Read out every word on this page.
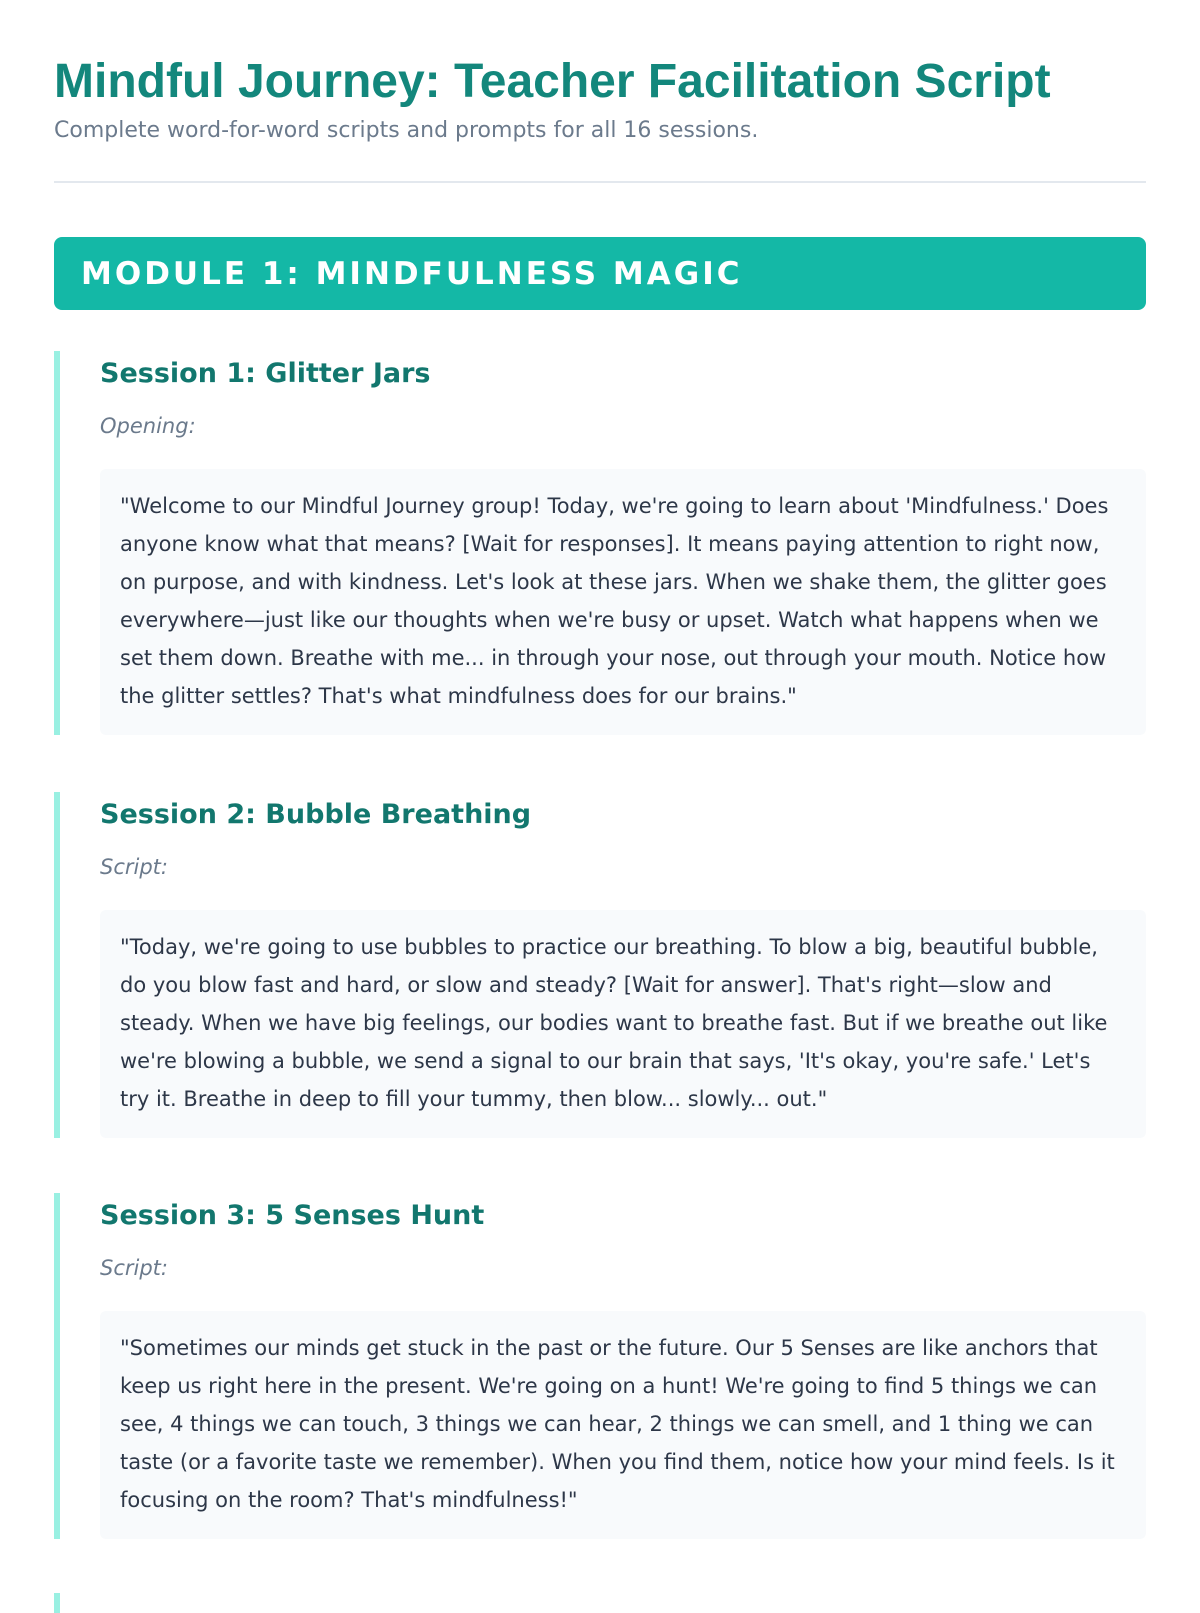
Mindful Journey: Teacher Facilitation Script
Complete word-for-word scripts and prompts for all 16 sessions.
MODULE 1: MINDFULNESS MAGIC
Session 1: Glitter Jars
Opening:
"Welcome to our Mindful Journey group! Today, we're going to learn about 'Mindfulness.' Does anyone know what that means? [Wait for responses]. It means paying attention to right now, on purpose, and with kindness. Let's look at these jars. When we shake them, the glitter goes everywhere—just like our thoughts when we're busy or upset. Watch what happens when we set them down. Breathe with me... in through your nose, out through your mouth. Notice how the glitter settles? That's what mindfulness does for our brains."
Session 2: Bubble Breathing
Script:
"Today, we're going to use bubbles to practice our breathing. To blow a big, beautiful bubble, do you blow fast and hard, or slow and steady? [Wait for answer]. That's right—slow and steady. When we have big feelings, our bodies want to breathe fast. But if we breathe out like we're blowing a bubble, we send a signal to our brain that says, 'It's okay, you're safe.' Let's try it. Breathe in deep to fill your tummy, then blow... slowly... out."
Session 3: 5 Senses Hunt
Script:
"Sometimes our minds get stuck in the past or the future. Our 5 Senses are like anchors that keep us right here in the present. We're going on a hunt! We're going to find 5 things we can see, 4 things we can touch, 3 things we can hear, 2 things we can smell, and 1 thing we can taste (or a favorite taste we remember). When you find them, notice how your mind feels. Is it focusing on the room? That's mindfulness!"
